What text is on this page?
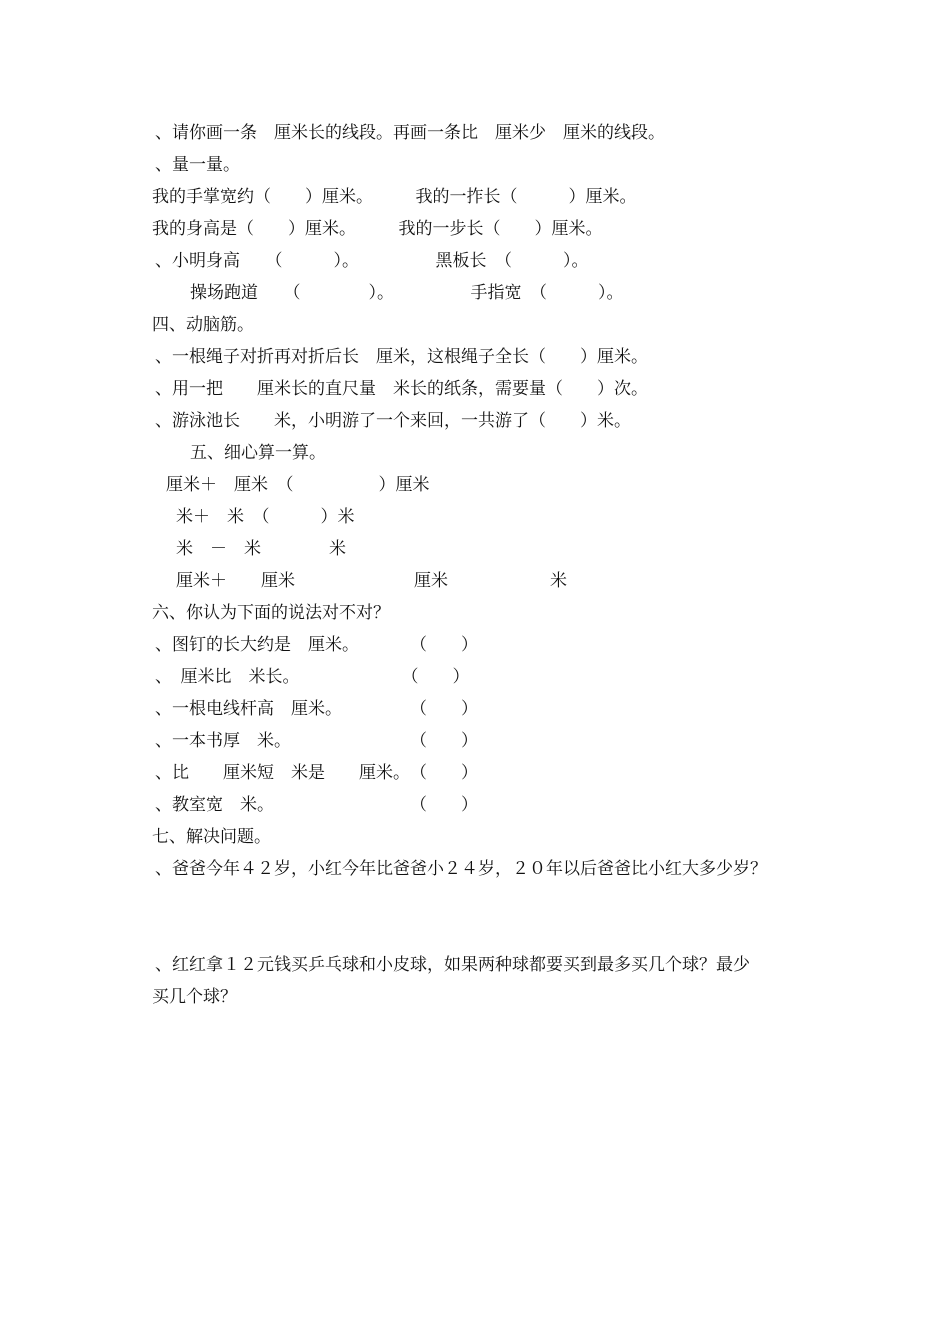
、请你画一条　厘米长的线段。再画一条比　厘米少　厘米的线段。
、量一量。
我的手掌宽约（　　）厘米。　　　我的一拃长（　　　）厘米。
我的身高是（　　）厘米。　　　我的一步长（　　）厘米。
、小明身高　　（　　　）。　　　　　黑板长　（　　　）。
操场跑道　　（　　　　）。　　　　　手指宽　（　　　）。
四、动脑筋。
、一根绳子对折再对折后长　厘米，这根绳子全长（　　）厘米。
、用一把　　厘米长的直尺量　米长的纸条，需要量（　　）次。
、游泳池长　　米，小明游了一个来回，一共游了（　　）米。
五、细心算一算。
厘米＋　厘米　（　　　　　）厘米
米＋　米　（　　　）米
米　－　米　　　　米
厘米＋　　厘米　　　　　　　厘米　　　　　　米
六、你认为下面的说法对不对？
、图钉的长大约是　厘米。　　　　（　　）
、　厘米比　米长。　　　　　　　（　　）
、一根电线杆高　厘米。　　　　　（　　）
、一本书厚　米。　　　　　　　　（　　）
、比　　厘米短　米是　　厘米。　（　　）
、教室宽　米。　　　　　　　　　（　　）
七、解决问题。
、爸爸今年４２岁，小红今年比爸爸小２４岁，２０年以后爸爸比小红大多少岁？
、红红拿１２元钱买乒乓球和小皮球，如果两种球都要买到最多买几个球？最少
买几个球？
